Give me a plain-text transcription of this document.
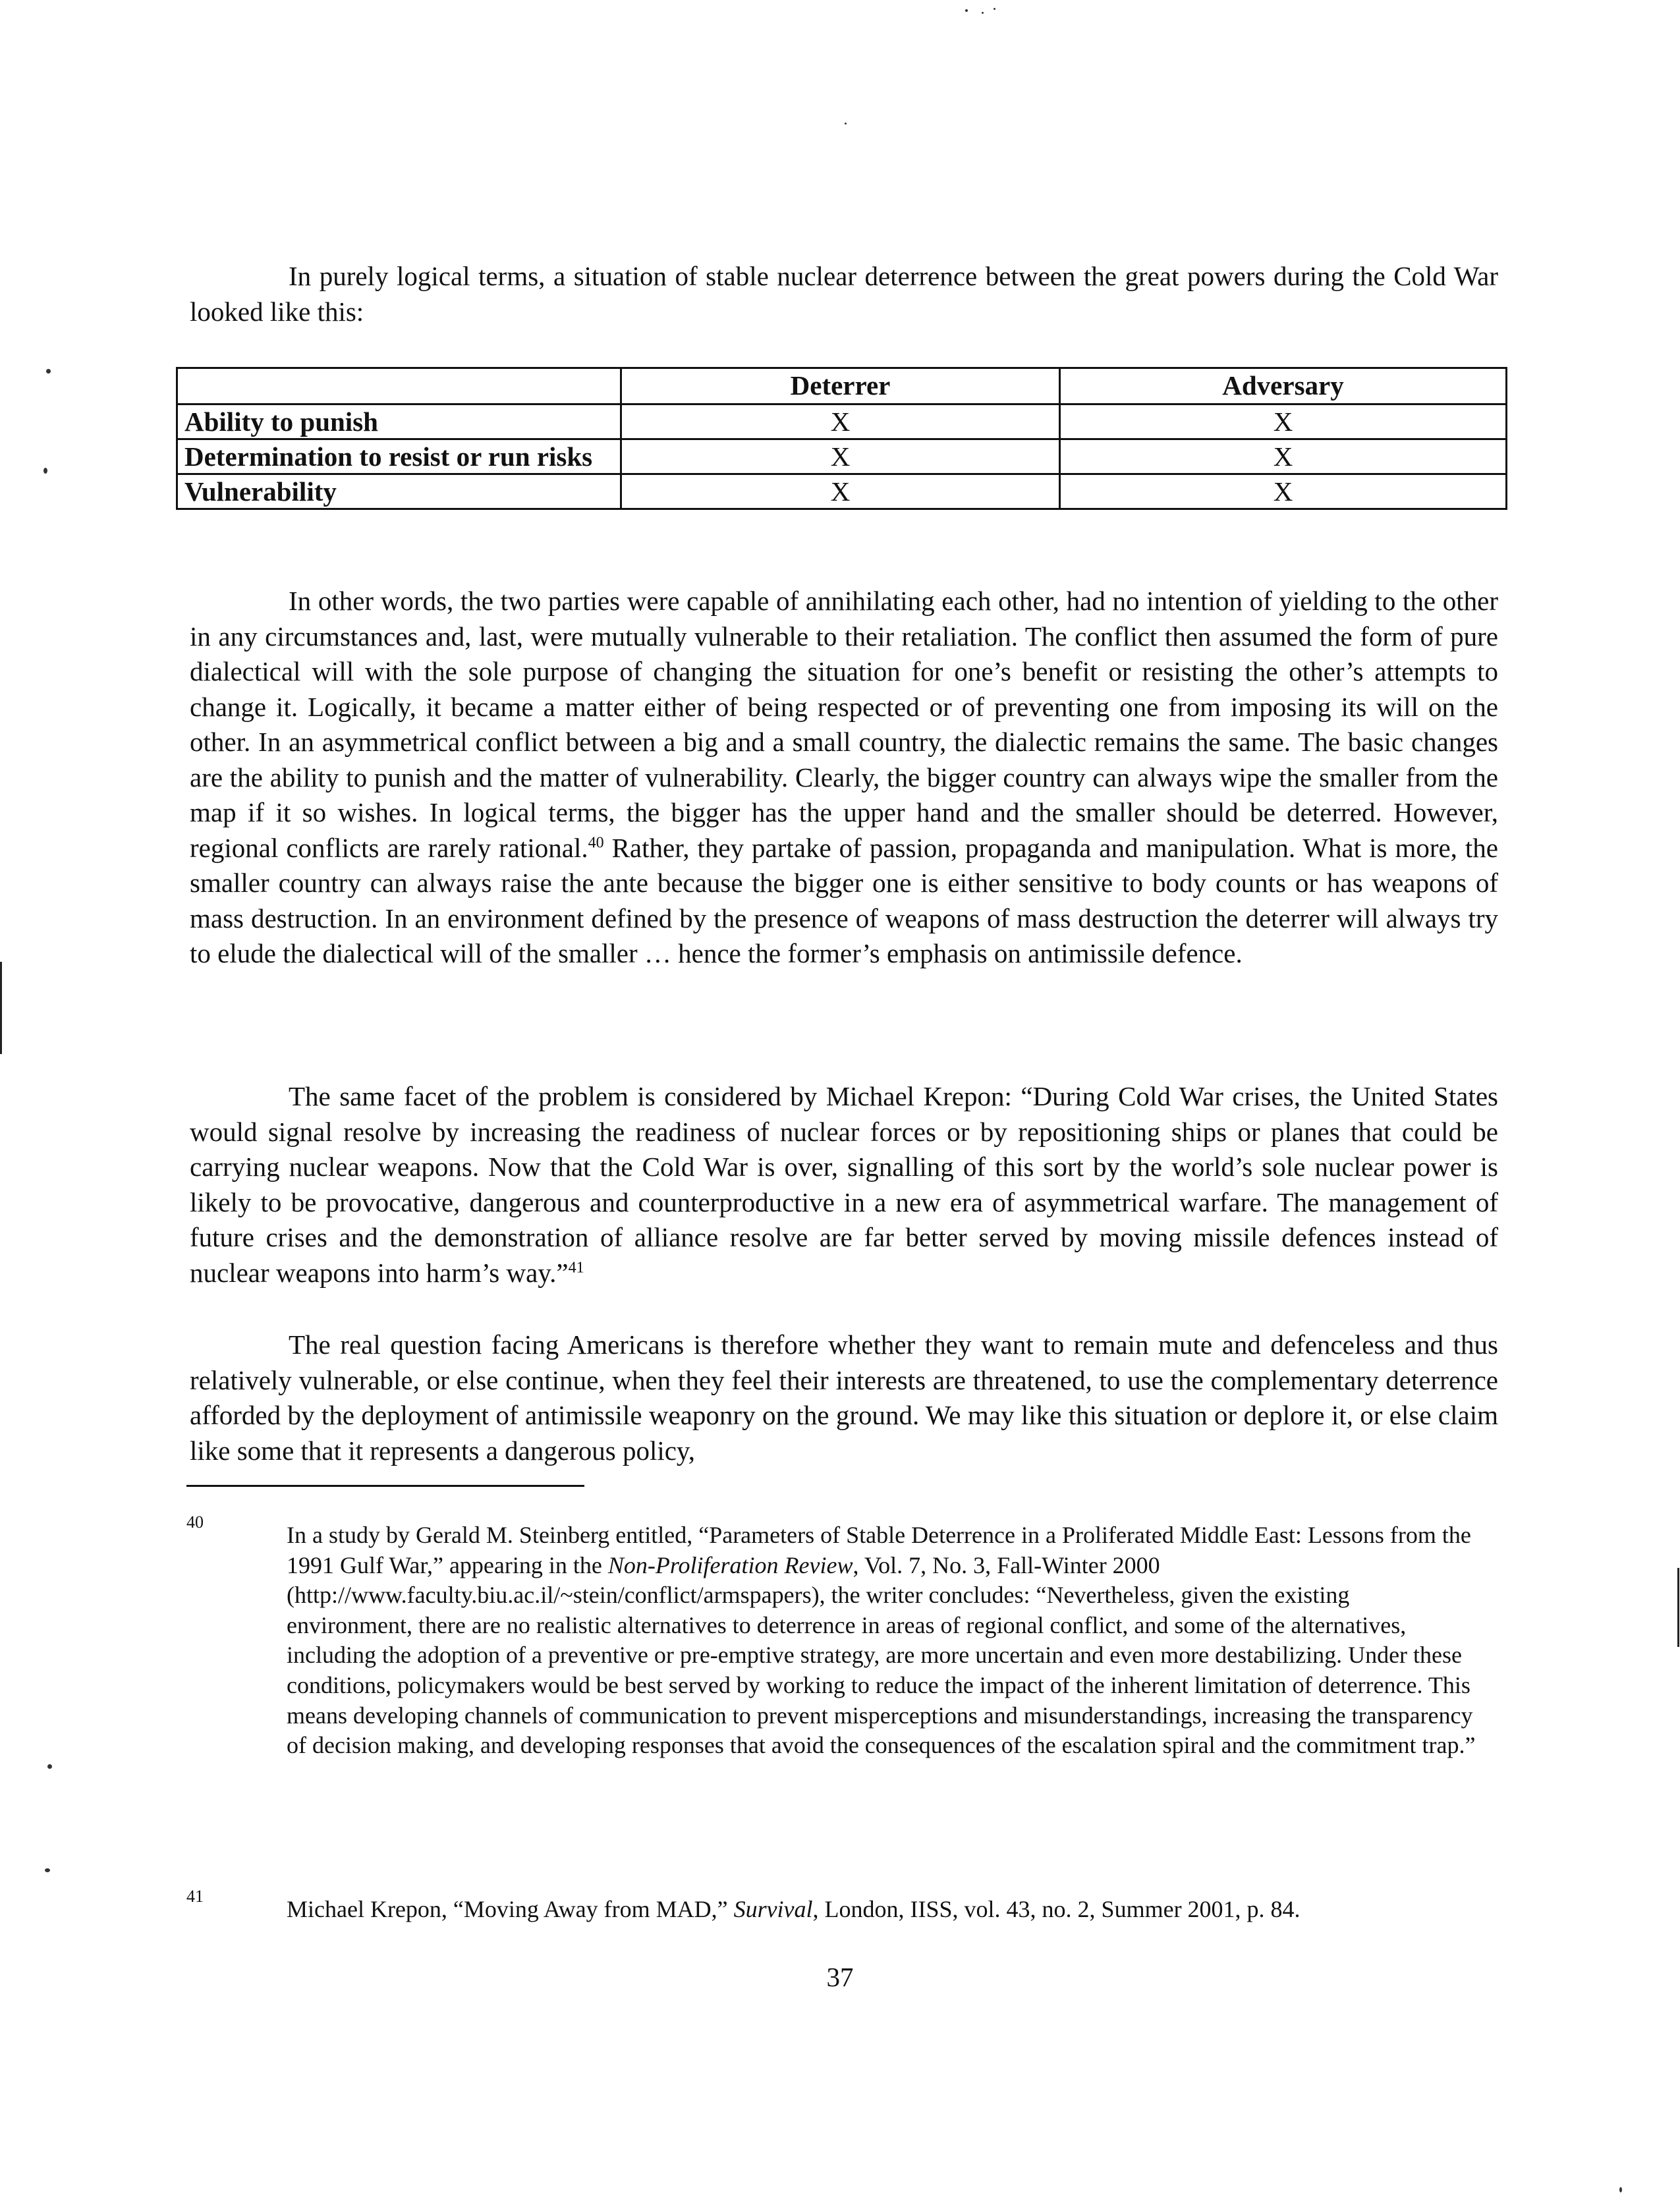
In purely logical terms, a situation of stable nuclear deterrence between the great powers during the Cold War looked like this:

	Deterrer	Adversary
Ability to punish	X	X
Determination to resist or run risks	X	X
Vulnerability	X	X

In other words, the two parties were capable of annihilating each other, had no intention of yielding to the other in any circumstances and, last, were mutually vulnerable to their retaliation. The conflict then assumed the form of pure dialectical will with the sole purpose of changing the situation for one’s benefit or resisting the other’s attempts to change it. Logically, it became a matter either of being respected or of preventing one from imposing its will on the other. In an asymmetrical conflict between a big and a small country, the dialectic remains the same. The basic changes are the ability to punish and the matter of vulnerability. Clearly, the bigger country can always wipe the smaller from the map if it so wishes. In logical terms, the bigger has the upper hand and the smaller should be deterred. However, regional conflicts are rarely rational.$^{40}$ Rather, they partake of passion, propaganda and manipulation. What is more, the smaller country can always raise the ante because the bigger one is either sensitive to body counts or has weapons of mass destruction. In an environment defined by the presence of weapons of mass destruction the deterrer will always try to elude the dialectical will of the smaller … hence the former’s emphasis on antimissile defence.

The same facet of the problem is considered by Michael Krepon: “During Cold War crises, the United States would signal resolve by increasing the readiness of nuclear forces or by repositioning ships or planes that could be carrying nuclear weapons. Now that the Cold War is over, signalling of this sort by the world’s sole nuclear power is likely to be provocative, dangerous and counterproductive in a new era of asymmetrical warfare. The management of future crises and the demonstration of alliance resolve are far better served by moving missile defences instead of nuclear weapons into harm’s way.”$^{41}$

The real question facing Americans is therefore whether they want to remain mute and defenceless and thus relatively vulnerable, or else continue, when they feel their interests are threatened, to use the complementary deterrence afforded by the deployment of antimissile weaponry on the ground. We may like this situation or deplore it, or else claim like some that it represents a dangerous policy,

40	In a study by Gerald M. Steinberg entitled, “Parameters of Stable Deterrence in a Proliferated Middle East: Lessons from the 1991 Gulf War,” appearing in the Non-Proliferation Review, Vol. 7, No. 3, Fall-Winter 2000 (http://www.faculty.biu.ac.il/~stein/conflict/armspapers), the writer concludes: “Nevertheless, given the existing environment, there are no realistic alternatives to deterrence in areas of regional conflict, and some of the alternatives, including the adoption of a preventive or pre-emptive strategy, are more uncertain and even more destabilizing. Under these conditions, policymakers would be best served by working to reduce the impact of the inherent limitation of deterrence. This means developing channels of communication to prevent misperceptions and misunderstandings, increasing the transparency of decision making, and developing responses that avoid the consequences of the escalation spiral and the commitment trap.”

41	Michael Krepon, “Moving Away from MAD,” Survival, London, IISS, vol. 43, no. 2, Summer 2001, p. 84.

37
